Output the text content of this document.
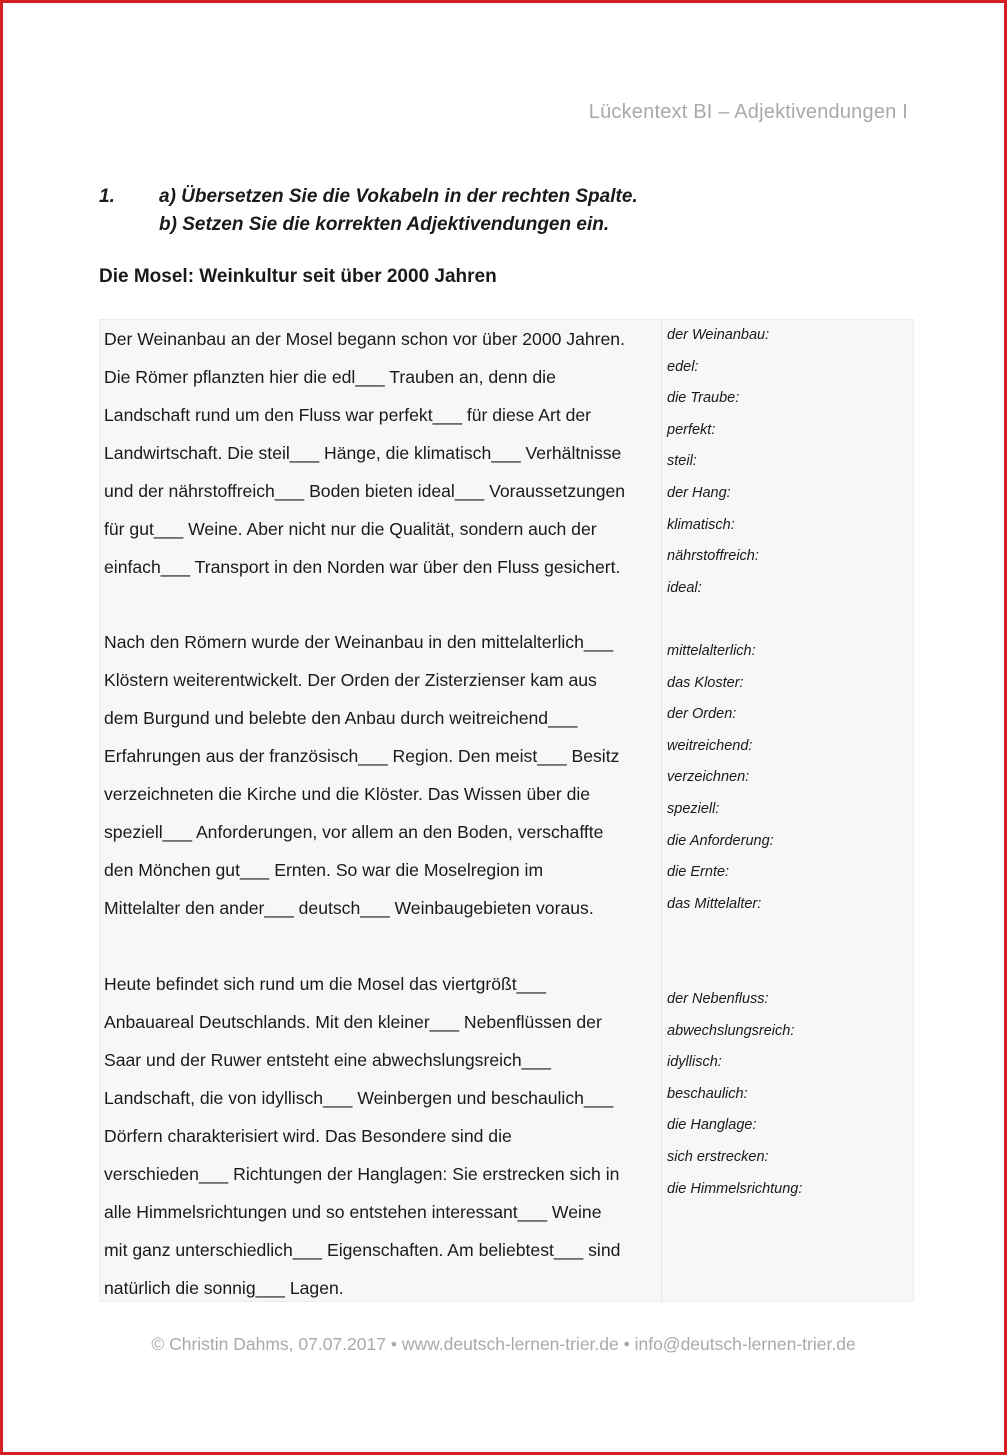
Lückentext BI – Adjektivendungen I
1.	a) Übersetzen Sie die Vokabeln in der rechten Spalte.
b) Setzen Sie die korrekten Adjektivendungen ein.
Die Mosel: Weinkultur seit über 2000 Jahren
Der Weinanbau an der Mosel begann schon vor über 2000 Jahren.
Die Römer pflanzten hier die edl___ Trauben an, denn die
Landschaft rund um den Fluss war perfekt___ für diese Art der
Landwirtschaft. Die steil___ Hänge, die klimatisch___ Verhältnisse
und der nährstoffreich___ Boden bieten ideal___ Voraussetzungen
für gut___ Weine. Aber nicht nur die Qualität, sondern auch der
einfach___ Transport in den Norden war über den Fluss gesichert.
Nach den Römern wurde der Weinanbau in den mittelalterlich___
Klöstern weiterentwickelt. Der Orden der Zisterzienser kam aus
dem Burgund und belebte den Anbau durch weitreichend___
Erfahrungen aus der französisch___ Region. Den meist___ Besitz
verzeichneten die Kirche und die Klöster. Das Wissen über die
speziell___ Anforderungen, vor allem an den Boden, verschaffte
den Mönchen gut___ Ernten. So war die Moselregion im
Mittelalter den ander___ deutsch___ Weinbaugebieten voraus.
Heute befindet sich rund um die Mosel das viertgrößt___
Anbauareal Deutschlands. Mit den kleiner___ Nebenflüssen der
Saar und der Ruwer entsteht eine abwechslungsreich___
Landschaft, die von idyllisch___ Weinbergen und beschaulich___
Dörfern charakterisiert wird. Das Besondere sind die
verschieden___ Richtungen der Hanglagen: Sie erstrecken sich in
alle Himmelsrichtungen und so entstehen interessant___ Weine
mit ganz unterschiedlich___ Eigenschaften. Am beliebtest___ sind
natürlich die sonnig___ Lagen.
der Weinanbau:
edel:
die Traube:
perfekt:
steil:
der Hang:
klimatisch:
nährstoffreich:
ideal:
mittelalterlich:
das Kloster:
der Orden:
weitreichend:
verzeichnen:
speziell:
die Anforderung:
die Ernte:
das Mittelalter:
der Nebenfluss:
abwechslungsreich:
idyllisch:
beschaulich:
die Hanglage:
sich erstrecken:
die Himmelsrichtung:
© Christin Dahms, 07.07.2017 • www.deutsch-lernen-trier.de • info@deutsch-lernen-trier.de
